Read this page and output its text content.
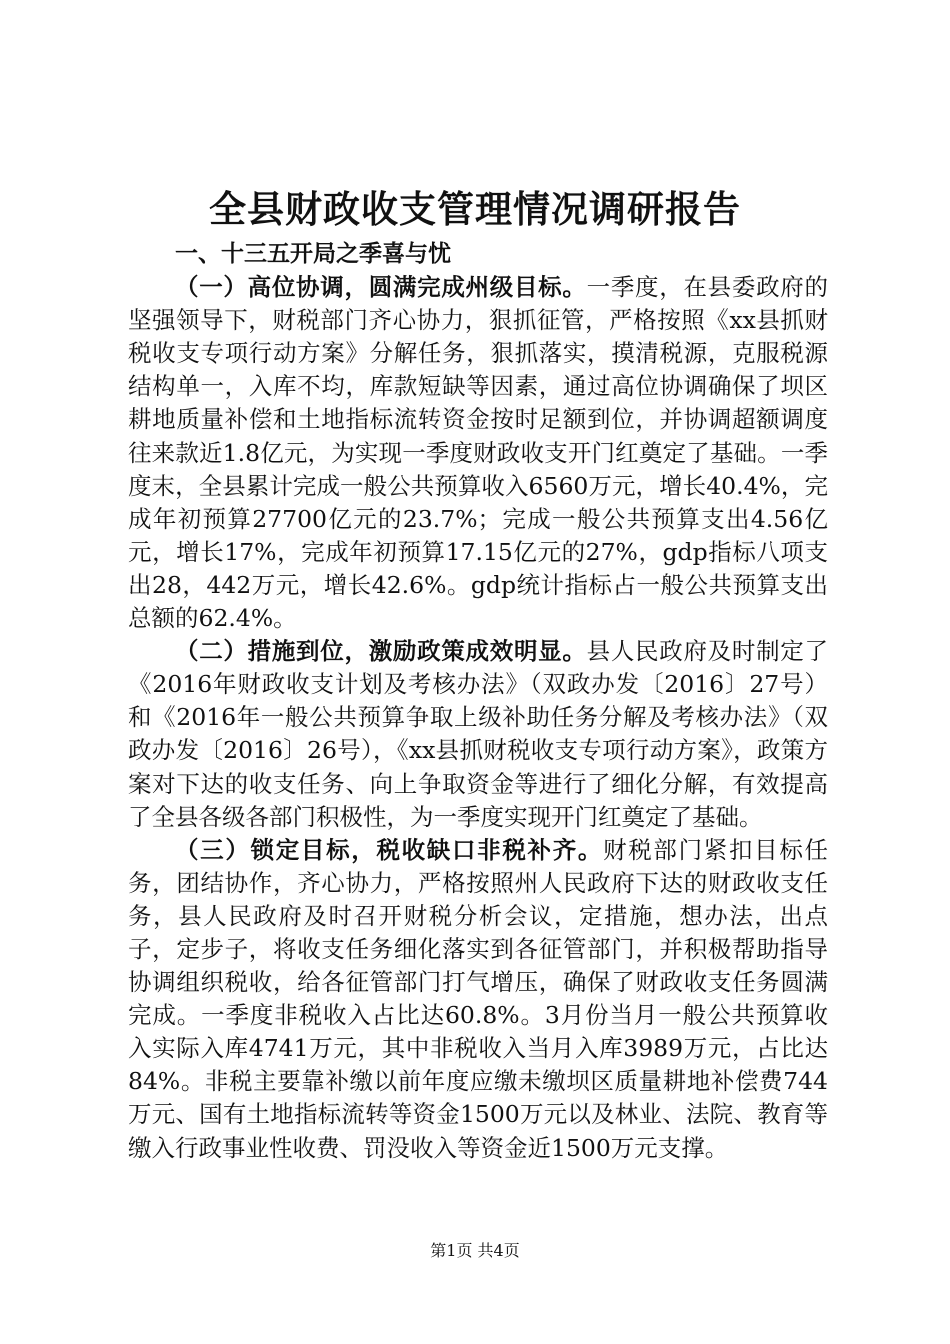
全县财政收支管理情况调研报告

一、十三五开局之季喜与忧

（一）高位协调，圆满完成州级目标。一季度，在县委政府的坚强领导下，财税部门齐心协力，狠抓征管，严格按照《xx县抓财税收支专项行动方案》分解任务，狠抓落实，摸清税源，克服税源结构单一，入库不均，库款短缺等因素，通过高位协调确保了坝区耕地质量补偿和土地指标流转资金按时足额到位，并协调超额调度往来款近1.8亿元，为实现一季度财政收支开门红奠定了基础。一季度末，全县累计完成一般公共预算收入6560万元，增长40.4%，完成年初预算27700亿元的23.7%；完成一般公共预算支出4.56亿元，增长17%，完成年初预算17.15亿元的27%，gdp指标八项支出28，442万元，增长42.6%。gdp统计指标占一般公共预算支出总额的62.4%。

（二）措施到位，激励政策成效明显。县人民政府及时制定了《2016年财政收支计划及考核办法》（双政办发〔2016〕27号）和《2016年一般公共预算争取上级补助任务分解及考核办法》（双政办发〔2016〕26号），《xx县抓财税收支专项行动方案》，政策方案对下达的收支任务、向上争取资金等进行了细化分解，有效提高了全县各级各部门积极性，为一季度实现开门红奠定了基础。

（三）锁定目标，税收缺口非税补齐。财税部门紧扣目标任务，团结协作，齐心协力，严格按照州人民政府下达的财政收支任务，县人民政府及时召开财税分析会议，定措施，想办法，出点子，定步子，将收支任务细化落实到各征管部门，并积极帮助指导协调组织税收，给各征管部门打气增压，确保了财政收支任务圆满完成。一季度非税收入占比达60.8%。3月份当月一般公共预算收入实际入库4741万元，其中非税收入当月入库3989万元，占比达84%。非税主要靠补缴以前年度应缴未缴坝区质量耕地补偿费744万元、国有土地指标流转等资金1500万元以及林业、法院、教育等缴入行政事业性收费、罚没收入等资金近1500万元支撑。

第1页 共4页
